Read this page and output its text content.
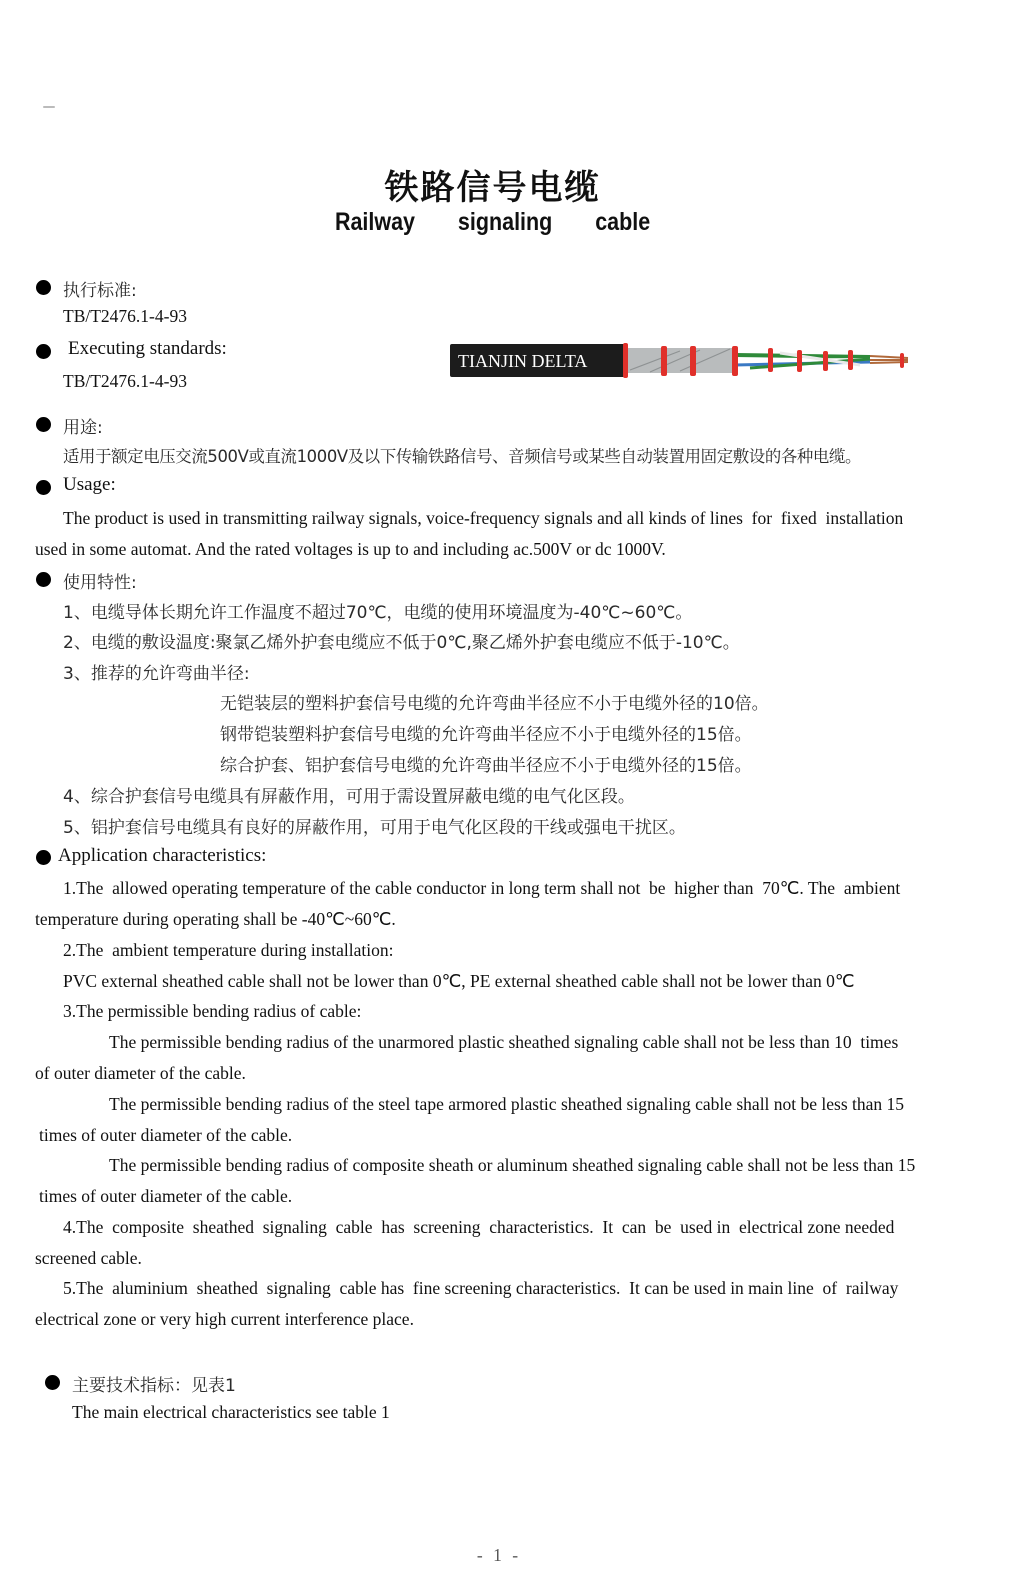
铁路信号电缆
Railway  signaling  cable
执行标准:
TB/T2476.1-4-93
Executing standards:
TB/T2476.1-4-93
TIANJIN DELTA
用途:
适用于额定电压交流500V或直流1000V及以下传输铁路信号、音频信号或某些自动装置用固定敷设的各种电缆。
Usage:
The product is used in transmitting railway signals, voice-frequency signals and all kinds of lines  for  fixed  installation
used in some automat. And the rated voltages is up to and including ac.500V or dc 1000V.
使用特性:
1、电缆导体长期允许工作温度不超过70℃，电缆的使用环境温度为-40℃~60℃。
2、电缆的敷设温度:聚氯乙烯外护套电缆应不低于0℃,聚乙烯外护套电缆应不低于-10℃。
3、推荐的允许弯曲半径:
无铠装层的塑料护套信号电缆的允许弯曲半径应不小于电缆外径的10倍。
钢带铠装塑料护套信号电缆的允许弯曲半径应不小于电缆外径的15倍。
综合护套、铝护套信号电缆的允许弯曲半径应不小于电缆外径的15倍。
4、综合护套信号电缆具有屏蔽作用，可用于需设置屏蔽电缆的电气化区段。
5、铝护套信号电缆具有良好的屏蔽作用，可用于电气化区段的干线或强电干扰区。
Application characteristics:
1.The  allowed operating temperature of the cable conductor in long term shall not  be  higher than  70℃. The  ambient
temperature during operating shall be -40℃~60℃.
2.The  ambient temperature during installation:
PVC external sheathed cable shall not be lower than 0℃, PE external sheathed cable shall not be lower than 0℃
3.The permissible bending radius of cable:
The permissible bending radius of the unarmored plastic sheathed signaling cable shall not be less than 10  times
of outer diameter of the cable.
The permissible bending radius of the steel tape armored plastic sheathed signaling cable shall not be less than 15
times of outer diameter of the cable.
The permissible bending radius of composite sheath or aluminum sheathed signaling cable shall not be less than 15
times of outer diameter of the cable.
4.The  composite  sheathed  signaling  cable  has  screening  characteristics.  It  can  be  used in  electrical zone needed
screened cable.
5.The  aluminium  sheathed  signaling  cable has  fine screening characteristics.  It can be used in main line  of  railway
electrical zone or very high current interference place.
主要技术指标：见表1
The main electrical characteristics see table 1
- 1 -
